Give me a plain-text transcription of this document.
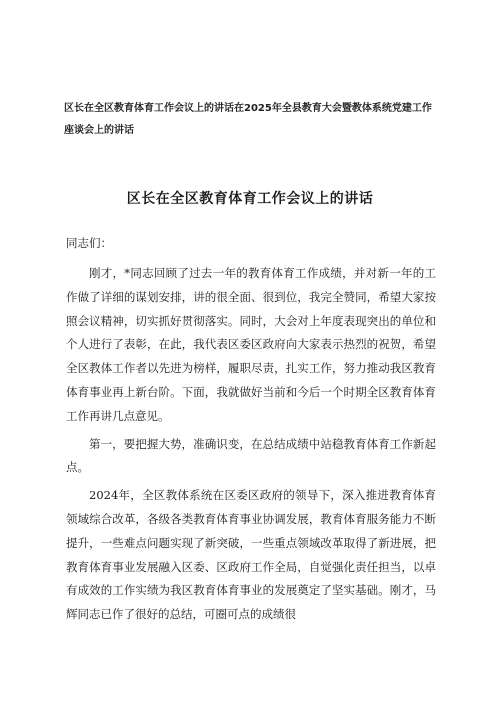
区长在全区教育体育工作会议上的讲话在2025年全县教育大会暨教体系统党建工作座谈会上的讲话

区长在全区教育体育工作会议上的讲话

同志们：

刚才，*同志回顾了过去一年的教育体育工作成绩，并对新一年的工作做了详细的谋划安排，讲的很全面、很到位，我完全赞同，希望大家按照会议精神，切实抓好贯彻落实。同时，大会对上年度表现突出的单位和个人进行了表彰，在此，我代表区委区政府向大家表示热烈的祝贺，希望全区教体工作者以先进为榜样，履职尽责，扎实工作，努力推动我区教育体育事业再上新台阶。下面，我就做好当前和今后一个时期全区教育体育工作再讲几点意见。

第一，要把握大势，准确识变，在总结成绩中站稳教育体育工作新起点。

2024年，全区教体系统在区委区政府的领导下，深入推进教育体育领域综合改革，各级各类教育体育事业协调发展，教育体育服务能力不断提升，一些难点问题实现了新突破，一些重点领域改革取得了新进展，把教育体育事业发展融入区委、区政府工作全局，自觉强化责任担当，以卓有成效的工作实绩为我区教育体育事业的发展奠定了坚实基础。刚才，马辉同志已作了很好的总结，可圈可点的成绩很
